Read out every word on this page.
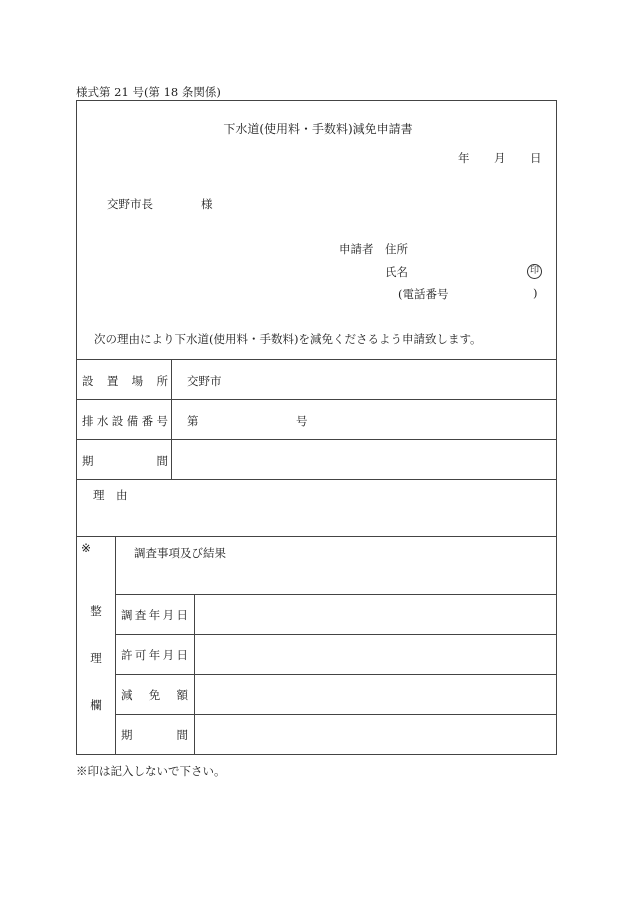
様式第 21 号(第 18 条関係)
下水道(使用料・手数料)減免申請書
年 月 日
交野市長	様
申請者 住所
氏名	印
(電話番号	)
次の理由により下水道(使用料・手数料)を減免くださるよう申請致します。
設置場所 交野市
排水設備番号 第	号
期間
理　由
※
整
理
欄
調査事項及び結果
調査年月日
許可年月日
減免額
期間
※印は記入しないで下さい。
